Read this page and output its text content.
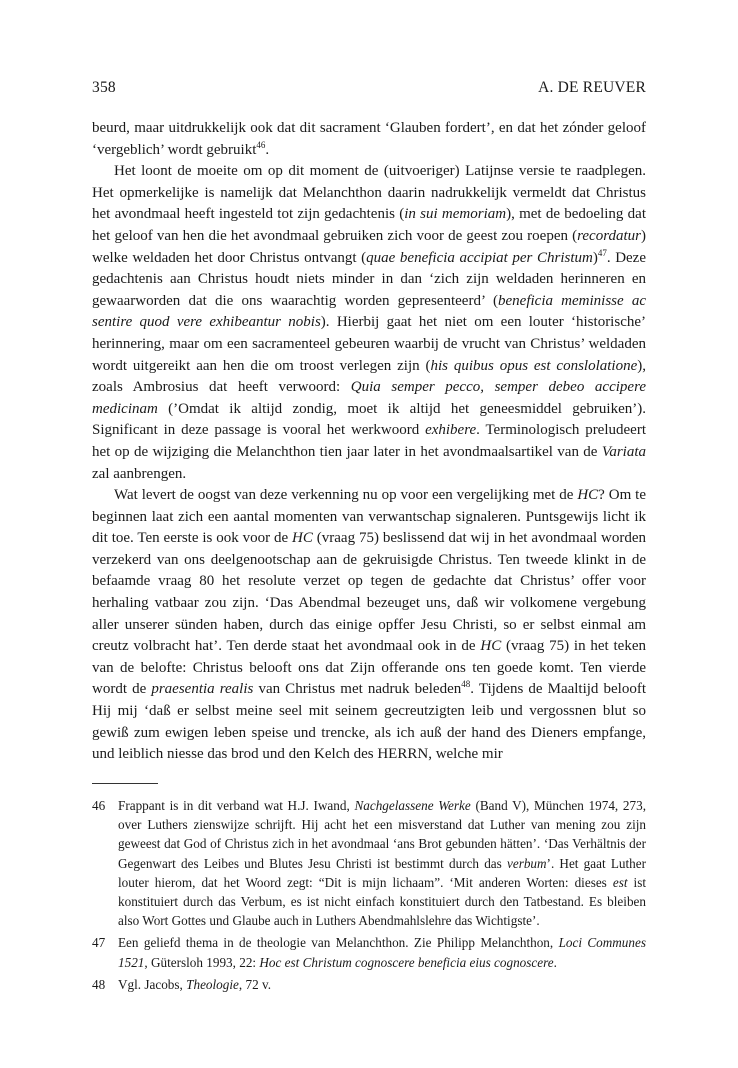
358	A. DE REUVER

beurd, maar uitdrukkelijk ook dat dit sacrament ‘Glauben fordert’, en dat het zónder geloof ‘vergeblich’ wordt gebruikt$^{46}$.

Het loont de moeite om op dit moment de (uitvoeriger) Latijnse versie te raadplegen. Het opmerkelijke is namelijk dat Melanchthon daarin nadrukkelijk vermeldt dat Christus het avondmaal heeft ingesteld tot zijn gedachtenis (in sui memoriam), met de bedoeling dat het geloof van hen die het avondmaal gebruiken zich voor de geest zou roepen (recordatur) welke weldaden het door Christus ontvangt (quae beneficia accipiat per Christum)$^{47}$. Deze gedachtenis aan Christus houdt niets minder in dan ‘zich zijn weldaden herinneren en gewaarworden dat die ons waarachtig worden gepresenteerd’ (beneficia meminisse ac sentire quod vere exhibeantur nobis). Hierbij gaat het niet om een louter ‘historische’ herinnering, maar om een sacramenteel gebeuren waarbij de vrucht van Christus’ weldaden wordt uitgereikt aan hen die om troost verlegen zijn (his quibus opus est conslolatione), zoals Ambrosius dat heeft verwoord: Quia semper pecco, semper debeo accipere medicinam (’Omdat ik altijd zondig, moet ik altijd het geneesmiddel gebruiken’). Significant in deze passage is vooral het werkwoord exhibere. Terminologisch preludeert het op de wijziging die Melanchthon tien jaar later in het avondmaalsartikel van de Variata zal aanbrengen.

Wat levert de oogst van deze verkenning nu op voor een vergelijking met de HC? Om te beginnen laat zich een aantal momenten van verwantschap signaleren. Puntsgewijs licht ik dit toe. Ten eerste is ook voor de HC (vraag 75) beslissend dat wij in het avondmaal worden verzekerd van ons deelgenootschap aan de gekruisigde Christus. Ten tweede klinkt in de befaamde vraag 80 het resolute verzet op tegen de gedachte dat Christus’ offer voor herhaling vatbaar zou zijn. ‘Das Abendmal bezeuget uns, daß wir volkomene vergebung aller unserer sünden haben, durch das einige opffer Jesu Christi, so er selbst einmal am creutz volbracht hat’. Ten derde staat het avondmaal ook in de HC (vraag 75) in het teken van de belofte: Christus belooft ons dat Zijn offerande ons ten goede komt. Ten vierde wordt de praesentia realis van Christus met nadruk beleden$^{48}$. Tijdens de Maaltijd belooft Hij mij ‘daß er selbst meine seel mit seinem gecreutzigten leib und vergossnen blut so gewiß zum ewigen leben speise und trencke, als ich auß der hand des Dieners empfange, und leiblich niesse das brod und den Kelch des HERRN, welche mir

46 Frappant is in dit verband wat H.J. Iwand, Nachgelassene Werke (Band V), München 1974, 273, over Luthers zienswijze schrijft. Hij acht het een misverstand dat Luther van mening zou zijn geweest dat God of Christus zich in het avondmaal ‘ans Brot gebunden hätten’. ‘Das Verhältnis der Gegenwart des Leibes und Blutes Jesu Christi ist bestimmt durch das verbum’. Het gaat Luther louter hierom, dat het Woord zegt: “Dit is mijn lichaam”. ‘Mit anderen Worten: dieses est ist konstituiert durch das Verbum, es ist nicht einfach konstituiert durch den Tatbestand. Es bleiben also Wort Gottes und Glaube auch in Luthers Abendmahlslehre das Wichtigste’.
47 Een geliefd thema in de theologie van Melanchthon. Zie Philipp Melanchthon, Loci Communes 1521, Gütersloh 1993, 22: Hoc est Christum cognoscere beneficia eius cognoscere.
48 Vgl. Jacobs, Theologie, 72 v.
